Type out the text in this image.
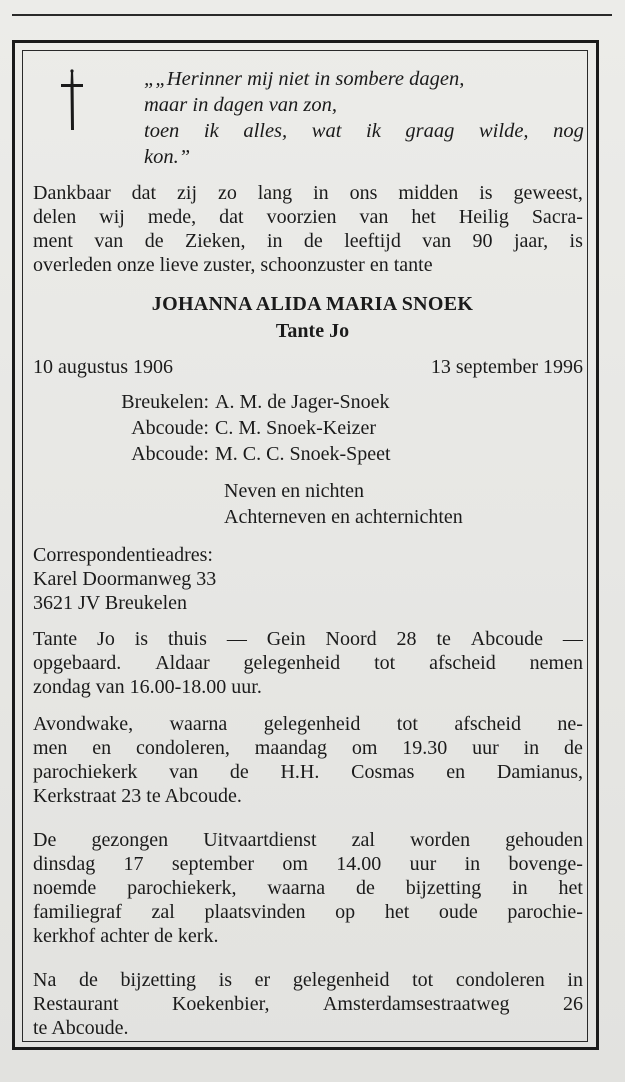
„„Herinner mij niet in sombere dagen,
maar in dagen van zon,
toen ik alles, wat ik graag wilde, nog
kon.”
Dankbaar dat zij zo lang in ons midden is geweest,
delen wij mede, dat voorzien van het Heilig Sacra-
ment van de Zieken, in de leeftijd van 90 jaar, is
overleden onze lieve zuster, schoonzuster en tante
JOHANNA ALIDA MARIA SNOEK
Tante Jo
10 augustus 1906	13 september 1996
Breukelen: A. M. de Jager-Snoek
Abcoude: C. M. Snoek-Keizer
Abcoude: M. C. C. Snoek-Speet
Neven en nichten
Achterneven en achternichten
Correspondentieadres:
Karel Doormanweg 33
3621 JV Breukelen
Tante Jo is thuis — Gein Noord 28 te Abcoude —
opgebaard. Aldaar gelegenheid tot afscheid nemen
zondag van 16.00-18.00 uur.
Avondwake, waarna gelegenheid tot afscheid ne-
men en condoleren, maandag om 19.30 uur in de
parochiekerk van de H.H. Cosmas en Damianus,
Kerkstraat 23 te Abcoude.
De gezongen Uitvaartdienst zal worden gehouden
dinsdag 17 september om 14.00 uur in bovenge-
noemde parochiekerk, waarna de bijzetting in het
familiegraf zal plaatsvinden op het oude parochie-
kerkhof achter de kerk.
Na de bijzetting is er gelegenheid tot condoleren in
Restaurant	Koekenbier,	Amsterdamsestraatweg	26
te Abcoude.
